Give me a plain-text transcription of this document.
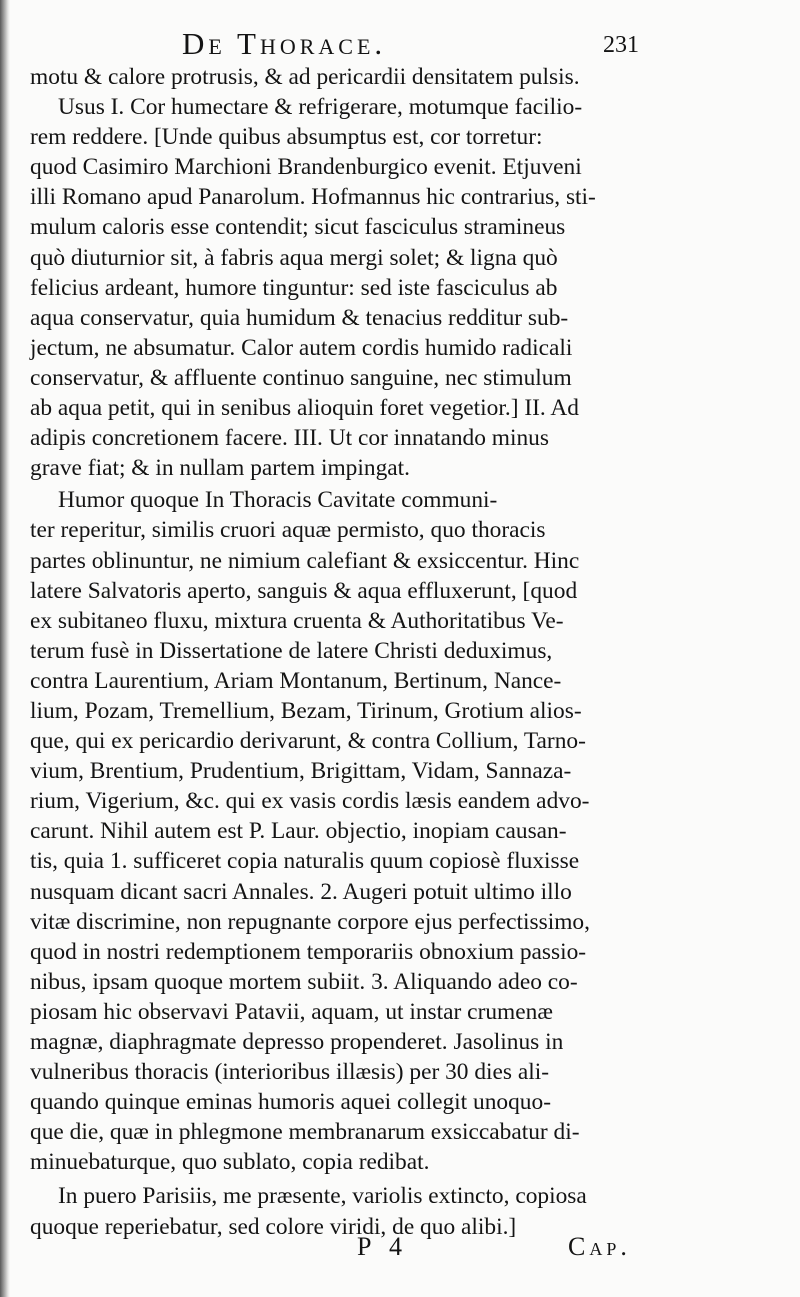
De Thorace.	231
motu & calore protrusis, & ad pericardii densitatem pulsis.
Usus I. Cor humectare & refrigerare, motumque facilio-
rem reddere. [Unde quibus absumptus est, cor torretur:
quod Casimiro Marchioni Brandenburgico evenit. Etjuveni
illi Romano apud Panarolum. Hofmannus hic contrarius, sti-
mulum caloris esse contendit; sicut fasciculus stramineus
quò diuturnior sit, à fabris aqua mergi solet; & ligna quò
felicius ardeant, humore tinguntur: sed iste fasciculus ab
aqua conservatur, quia humidum & tenacius redditur sub-
jectum, ne absumatur. Calor autem cordis humido radicali
conservatur, & affluente continuo sanguine, nec stimulum
ab aqua petit, qui in senibus alioquin foret vegetior.] II. Ad
adipis concretionem facere. III. Ut cor innatando minus
grave fiat; & in nullam partem impingat.
Humor quoque In Thoracis Cavitate communi-
ter reperitur, similis cruori aquæ permisto, quo thoracis
partes oblinuntur, ne nimium calefiant & exsiccentur. Hinc
latere Salvatoris aperto, sanguis & aqua effluxerunt, [quod
ex subitaneo fluxu, mixtura cruenta & Authoritatibus Ve-
terum fusè in Dissertatione de latere Christi deduximus,
contra Laurentium, Ariam Montanum, Bertinum, Nance-
lium, Pozam, Tremellium, Bezam, Tirinum, Grotium alios-
que, qui ex pericardio derivarunt, & contra Collium, Tarno-
vium, Brentium, Prudentium, Brigittam, Vidam, Sannaza-
rium, Vigerium, &c. qui ex vasis cordis læsis eandem advo-
carunt. Nihil autem est P. Laur. objectio, inopiam causan-
tis, quia 1. sufficeret copia naturalis quum copiosè fluxisse
nusquam dicant sacri Annales. 2. Augeri potuit ultimo illo
vitæ discrimine, non repugnante corpore ejus perfectissimo,
quod in nostri redemptionem temporariis obnoxium passio-
nibus, ipsam quoque mortem subiit. 3. Aliquando adeo co-
piosam hic observavi Patavii, aquam, ut instar crumenæ
magnæ, diaphragmate depresso propenderet. Jasolinus in
vulneribus thoracis (interioribus illæsis) per 30 dies ali-
quando quinque eminas humoris aquei collegit unoquo-
que die, quæ in phlegmone membranarum exsiccabatur di-
minuebaturque, quo sublato, copia redibat.
In puero Parisiis, me præsente, variolis extincto, copiosa
quoque reperiebatur, sed colore viridi, de quo alibi.]
P 4	Cap.
